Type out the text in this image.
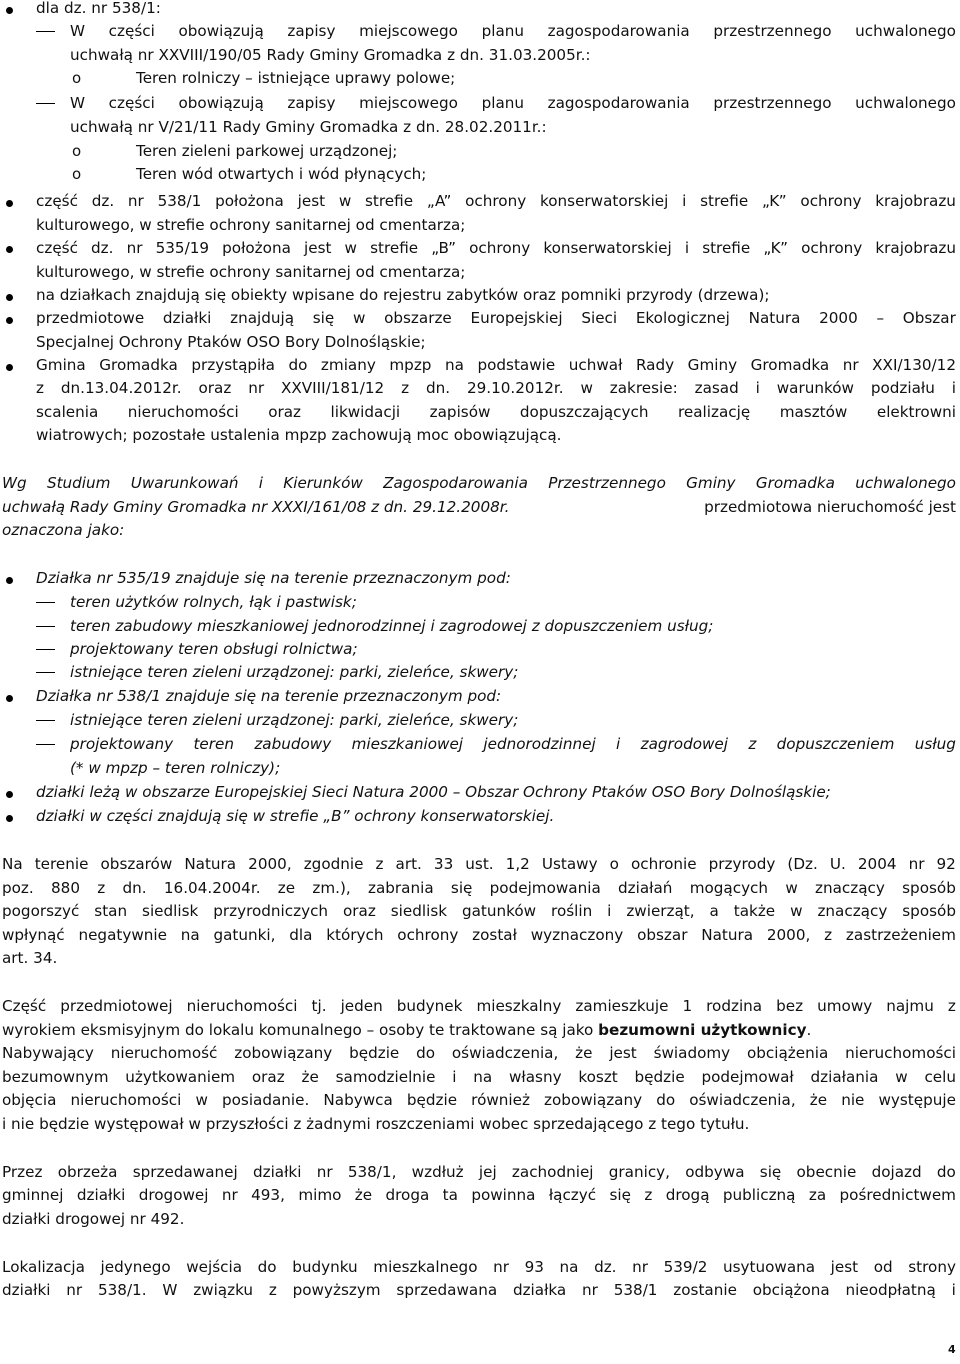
dla dz. nr 538/1:
W części obowiązują zapisy miejscowego planu zagospodarowania przestrzennego uchwalonego
uchwałą nr XXVIII/190/05 Rady Gminy Gromadka z dn. 31.03.2005r.:
o	Teren rolniczy – istniejące uprawy polowe;
W części obowiązują zapisy miejscowego planu zagospodarowania przestrzennego uchwalonego
uchwałą nr V/21/11 Rady Gminy Gromadka z dn. 28.02.2011r.:
o	Teren zieleni parkowej urządzonej;
o	Teren wód otwartych i wód płynących;
część dz. nr 538/1 położona jest w strefie „A” ochrony konserwatorskiej i strefie „K” ochrony krajobrazu
kulturowego, w strefie ochrony sanitarnej od cmentarza;
część dz. nr 535/19 położona jest w strefie „B” ochrony konserwatorskiej i strefie „K” ochrony krajobrazu
kulturowego, w strefie ochrony sanitarnej od cmentarza;
na działkach znajdują się obiekty wpisane do rejestru zabytków oraz pomniki przyrody (drzewa);
przedmiotowe działki znajdują się w obszarze Europejskiej Sieci Ekologicznej Natura 2000 – Obszar
Specjalnej Ochrony Ptaków OSO Bory Dolnośląskie;
Gmina Gromadka przystąpiła do zmiany mpzp na podstawie uchwał Rady Gminy Gromadka nr XXI/130/12
z dn.13.04.2012r. oraz nr XXVIII/181/12 z dn. 29.10.2012r. w zakresie: zasad i warunków podziału i
scalenia nieruchomości oraz likwidacji zapisów dopuszczających realizację masztów elektrowni
wiatrowych; pozostałe ustalenia mpzp zachowują moc obowiązującą.
Wg Studium Uwarunkowań i Kierunków Zagospodarowania Przestrzennego Gminy Gromadka uchwalonego
uchwałą Rady Gminy Gromadka nr XXXI/161/08 z dn. 29.12.2008r.	przedmiotowa nieruchomość jest
oznaczona jako:
Działka nr 535/19 znajduje się na terenie przeznaczonym pod:
teren użytków rolnych, łąk i pastwisk;
teren zabudowy mieszkaniowej jednorodzinnej i zagrodowej z dopuszczeniem usług;
projektowany teren obsługi rolnictwa;
istniejące teren zieleni urządzonej: parki, zieleńce, skwery;
Działka nr 538/1 znajduje się na terenie przeznaczonym pod:
istniejące teren zieleni urządzonej: parki, zieleńce, skwery;
projektowany teren zabudowy mieszkaniowej jednorodzinnej i zagrodowej z dopuszczeniem usług
(* w mpzp – teren rolniczy);
działki leżą w obszarze Europejskiej Sieci Natura 2000 – Obszar Ochrony Ptaków OSO Bory Dolnośląskie;
działki w części znajdują się w strefie „B” ochrony konserwatorskiej.
Na terenie obszarów Natura 2000, zgodnie z art. 33 ust. 1,2 Ustawy o ochronie przyrody (Dz. U. 2004 nr 92
poz. 880 z dn. 16.04.2004r. ze zm.), zabrania się podejmowania działań mogących w znaczący sposób
pogorszyć stan siedlisk przyrodniczych oraz siedlisk gatunków roślin i zwierząt, a także w znaczący sposób
wpłynąć negatywnie na gatunki, dla których ochrony został wyznaczony obszar Natura 2000, z zastrzeżeniem
art. 34.
Część przedmiotowej nieruchomości tj. jeden budynek mieszkalny zamieszkuje 1 rodzina bez umowy najmu z
wyrokiem eksmisyjnym do lokalu komunalnego – osoby te traktowane są jako bezumowni użytkownicy.
Nabywający nieruchomość zobowiązany będzie do oświadczenia, że jest świadomy obciążenia nieruchomości
bezumownym użytkowaniem oraz że samodzielnie i na własny koszt będzie podejmował działania w celu
objęcia nieruchomości w posiadanie. Nabywca będzie również zobowiązany do oświadczenia, że nie występuje
i nie będzie występował w przyszłości z żadnymi roszczeniami wobec sprzedającego z tego tytułu.
Przez obrzeża sprzedawanej działki nr 538/1, wzdłuż jej zachodniej granicy, odbywa się obecnie dojazd do
gminnej działki drogowej nr 493, mimo że droga ta powinna łączyć się z drogą publiczną za pośrednictwem
działki drogowej nr 492.
Lokalizacja jedynego wejścia do budynku mieszkalnego nr 93 na dz. nr 539/2 usytuowana jest od strony
działki nr 538/1. W związku z powyższym sprzedawana działka nr 538/1 zostanie obciążona nieodpłatną i
4
